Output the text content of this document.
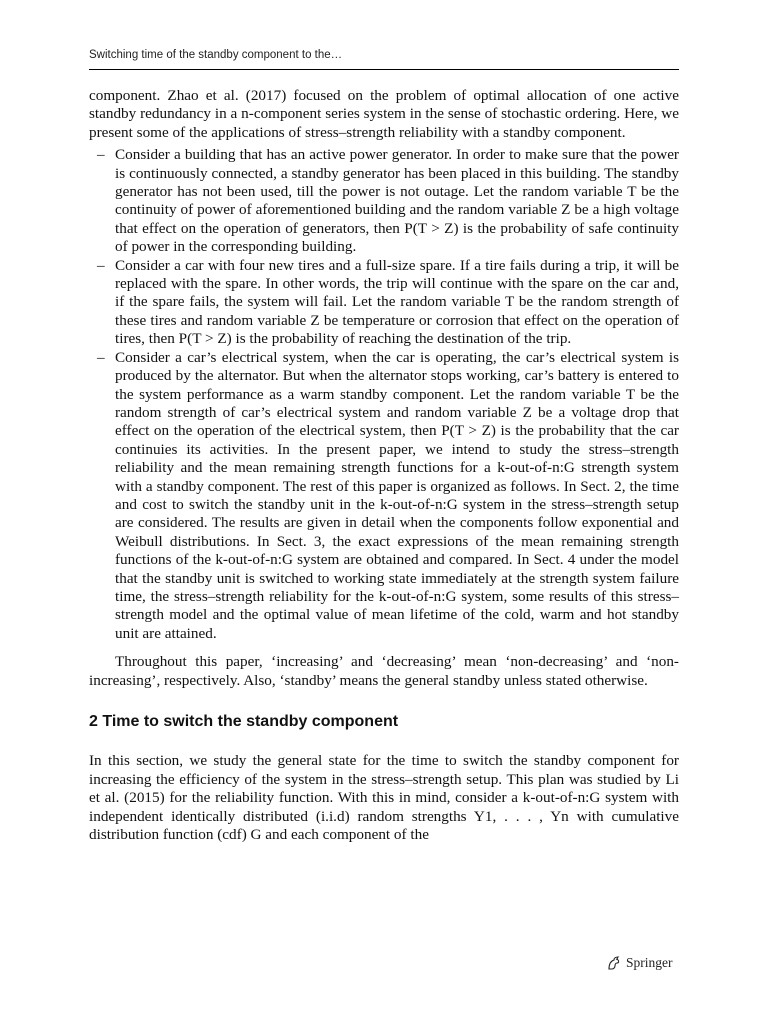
Switching time of the standby component to the…

component. Zhao et al. (2017) focused on the problem of optimal allocation of one active standby redundancy in a n-component series system in the sense of stochastic ordering. Here, we present some of the applications of stress–strength reliability with a standby component.

– Consider a building that has an active power generator. In order to make sure that the power is continuously connected, a standby generator has been placed in this building. The standby generator has not been used, till the power is not outage. Let the random variable T be the continuity of power of aforementioned building and the random variable Z be a high voltage that effect on the operation of generators, then P(T > Z) is the probability of safe continuity of power in the corresponding building.
– Consider a car with four new tires and a full-size spare. If a tire fails during a trip, it will be replaced with the spare. In other words, the trip will continue with the spare on the car and, if the spare fails, the system will fail. Let the random variable T be the random strength of these tires and random variable Z be temperature or corrosion that effect on the operation of tires, then P(T > Z) is the probability of reaching the destination of the trip.
– Consider a car’s electrical system, when the car is operating, the car’s electrical system is produced by the alternator. But when the alternator stops working, car’s battery is entered to the system performance as a warm standby component. Let the random variable T be the random strength of car’s electrical system and random variable Z be a voltage drop that effect on the operation of the electrical system, then P(T > Z) is the probability that the car continuies its activities. In the present paper, we intend to study the stress–strength reliability and the mean remaining strength functions for a k-out-of-n:G strength system with a standby component. The rest of this paper is organized as follows. In Sect. 2, the time and cost to switch the standby unit in the k-out-of-n:G system in the stress–strength setup are considered. The results are given in detail when the components follow exponential and Weibull distributions. In Sect. 3, the exact expressions of the mean remaining strength functions of the k-out-of-n:G system are obtained and compared. In Sect. 4 under the model that the standby unit is switched to working state immediately at the strength system failure time, the stress–strength reliability for the k-out-of-n:G system, some results of this stress–strength model and the optimal value of mean lifetime of the cold, warm and hot standby unit are attained.

Throughout this paper, ‘increasing’ and ‘decreasing’ mean ‘non-decreasing’ and ‘non-increasing’, respectively. Also, ‘standby’ means the general standby unless stated otherwise.

2 Time to switch the standby component

In this section, we study the general state for the time to switch the standby component for increasing the efficiency of the system in the stress–strength setup. This plan was studied by Li et al. (2015) for the reliability function. With this in mind, consider a k-out-of-n:G system with independent identically distributed (i.i.d) random strengths Y1, . . . , Yn with cumulative distribution function (cdf) G and each component of the

Springer
